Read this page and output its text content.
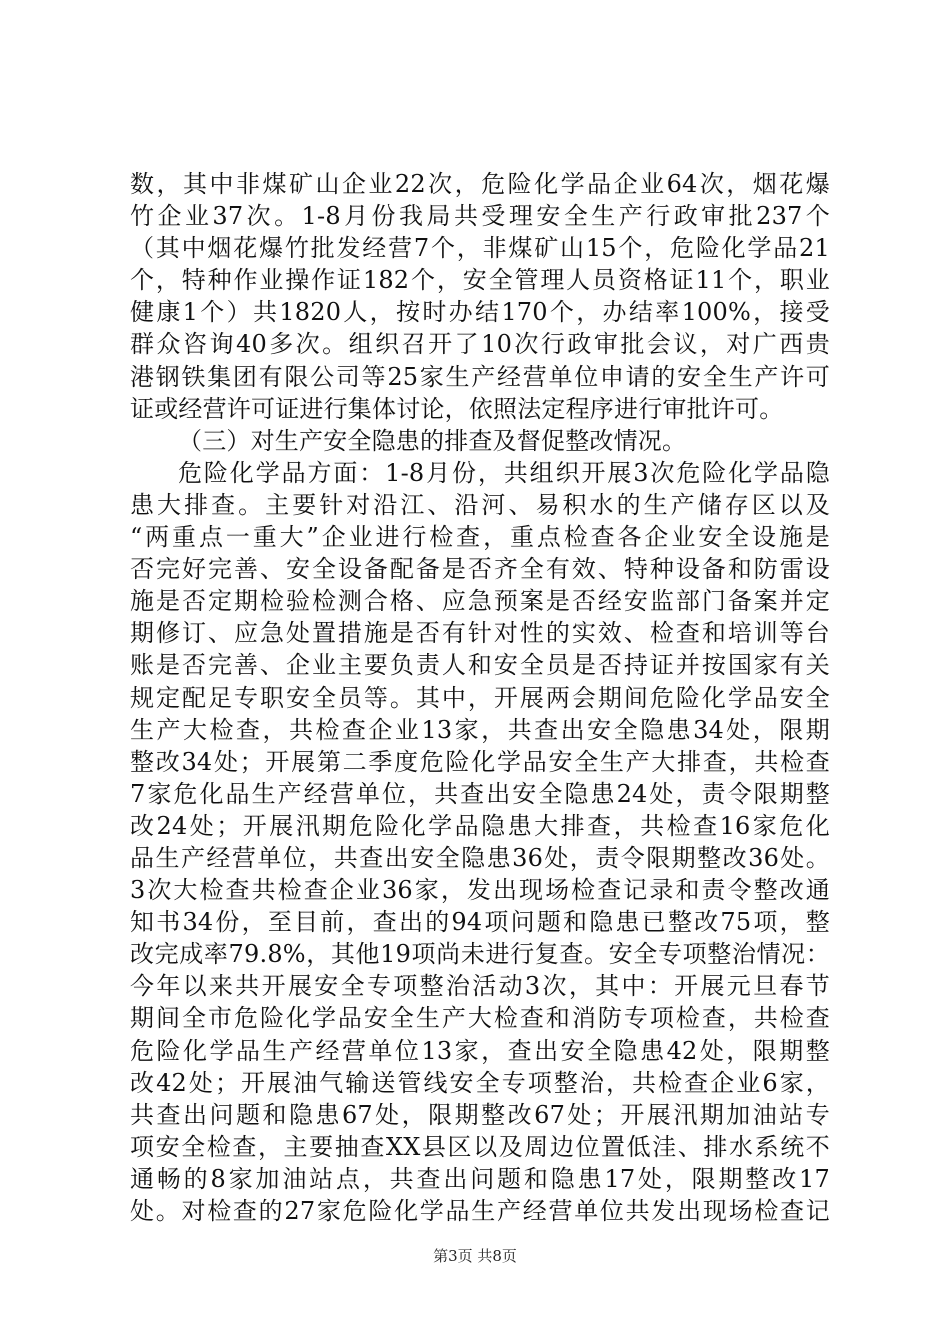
数，其中非煤矿山企业22次，危险化学品企业64次，烟花爆
竹企业37次。1-8月份我局共受理安全生产行政审批237个
（其中烟花爆竹批发经营7个，非煤矿山15个，危险化学品21
个，特种作业操作证182个，安全管理人员资格证11个，职业
健康1个）共1820人，按时办结170个，办结率100%，接受
群众咨询40多次。组织召开了10次行政审批会议，对广西贵
港钢铁集团有限公司等25家生产经营单位申请的安全生产许可
证或经营许可证进行集体讨论，依照法定程序进行审批许可。
（三）对生产安全隐患的排查及督促整改情况。
危险化学品方面：1-8月份，共组织开展3次危险化学品隐
患大排查。主要针对沿江、沿河、易积水的生产储存区以及
“两重点一重大”企业进行检查，重点检查各企业安全设施是
否完好完善、安全设备配备是否齐全有效、特种设备和防雷设
施是否定期检验检测合格、应急预案是否经安监部门备案并定
期修订、应急处置措施是否有针对性的实效、检查和培训等台
账是否完善、企业主要负责人和安全员是否持证并按国家有关
规定配足专职安全员等。其中，开展两会期间危险化学品安全
生产大检查，共检查企业13家，共查出安全隐患34处，限期
整改34处；开展第二季度危险化学品安全生产大排查，共检查
7家危化品生产经营单位，共查出安全隐患24处，责令限期整
改24处；开展汛期危险化学品隐患大排查，共检查16家危化
品生产经营单位，共查出安全隐患36处，责令限期整改36处。
3次大检查共检查企业36家，发出现场检查记录和责令整改通
知书34份，至目前，查出的94项问题和隐患已整改75项，整
改完成率79.8%，其他19项尚未进行复查。安全专项整治情况：
今年以来共开展安全专项整治活动3次，其中：开展元旦春节
期间全市危险化学品安全生产大检查和消防专项检查，共检查
危险化学品生产经营单位13家，查出安全隐患42处，限期整
改42处；开展油气输送管线安全专项整治，共检查企业6家，
共查出问题和隐患67处，限期整改67处；开展汛期加油站专
项安全检查，主要抽查XX县区以及周边位置低洼、排水系统不
通畅的8家加油站点，共查出问题和隐患17处，限期整改17
处。对检查的27家危险化学品生产经营单位共发出现场检查记
第3页 共8页
